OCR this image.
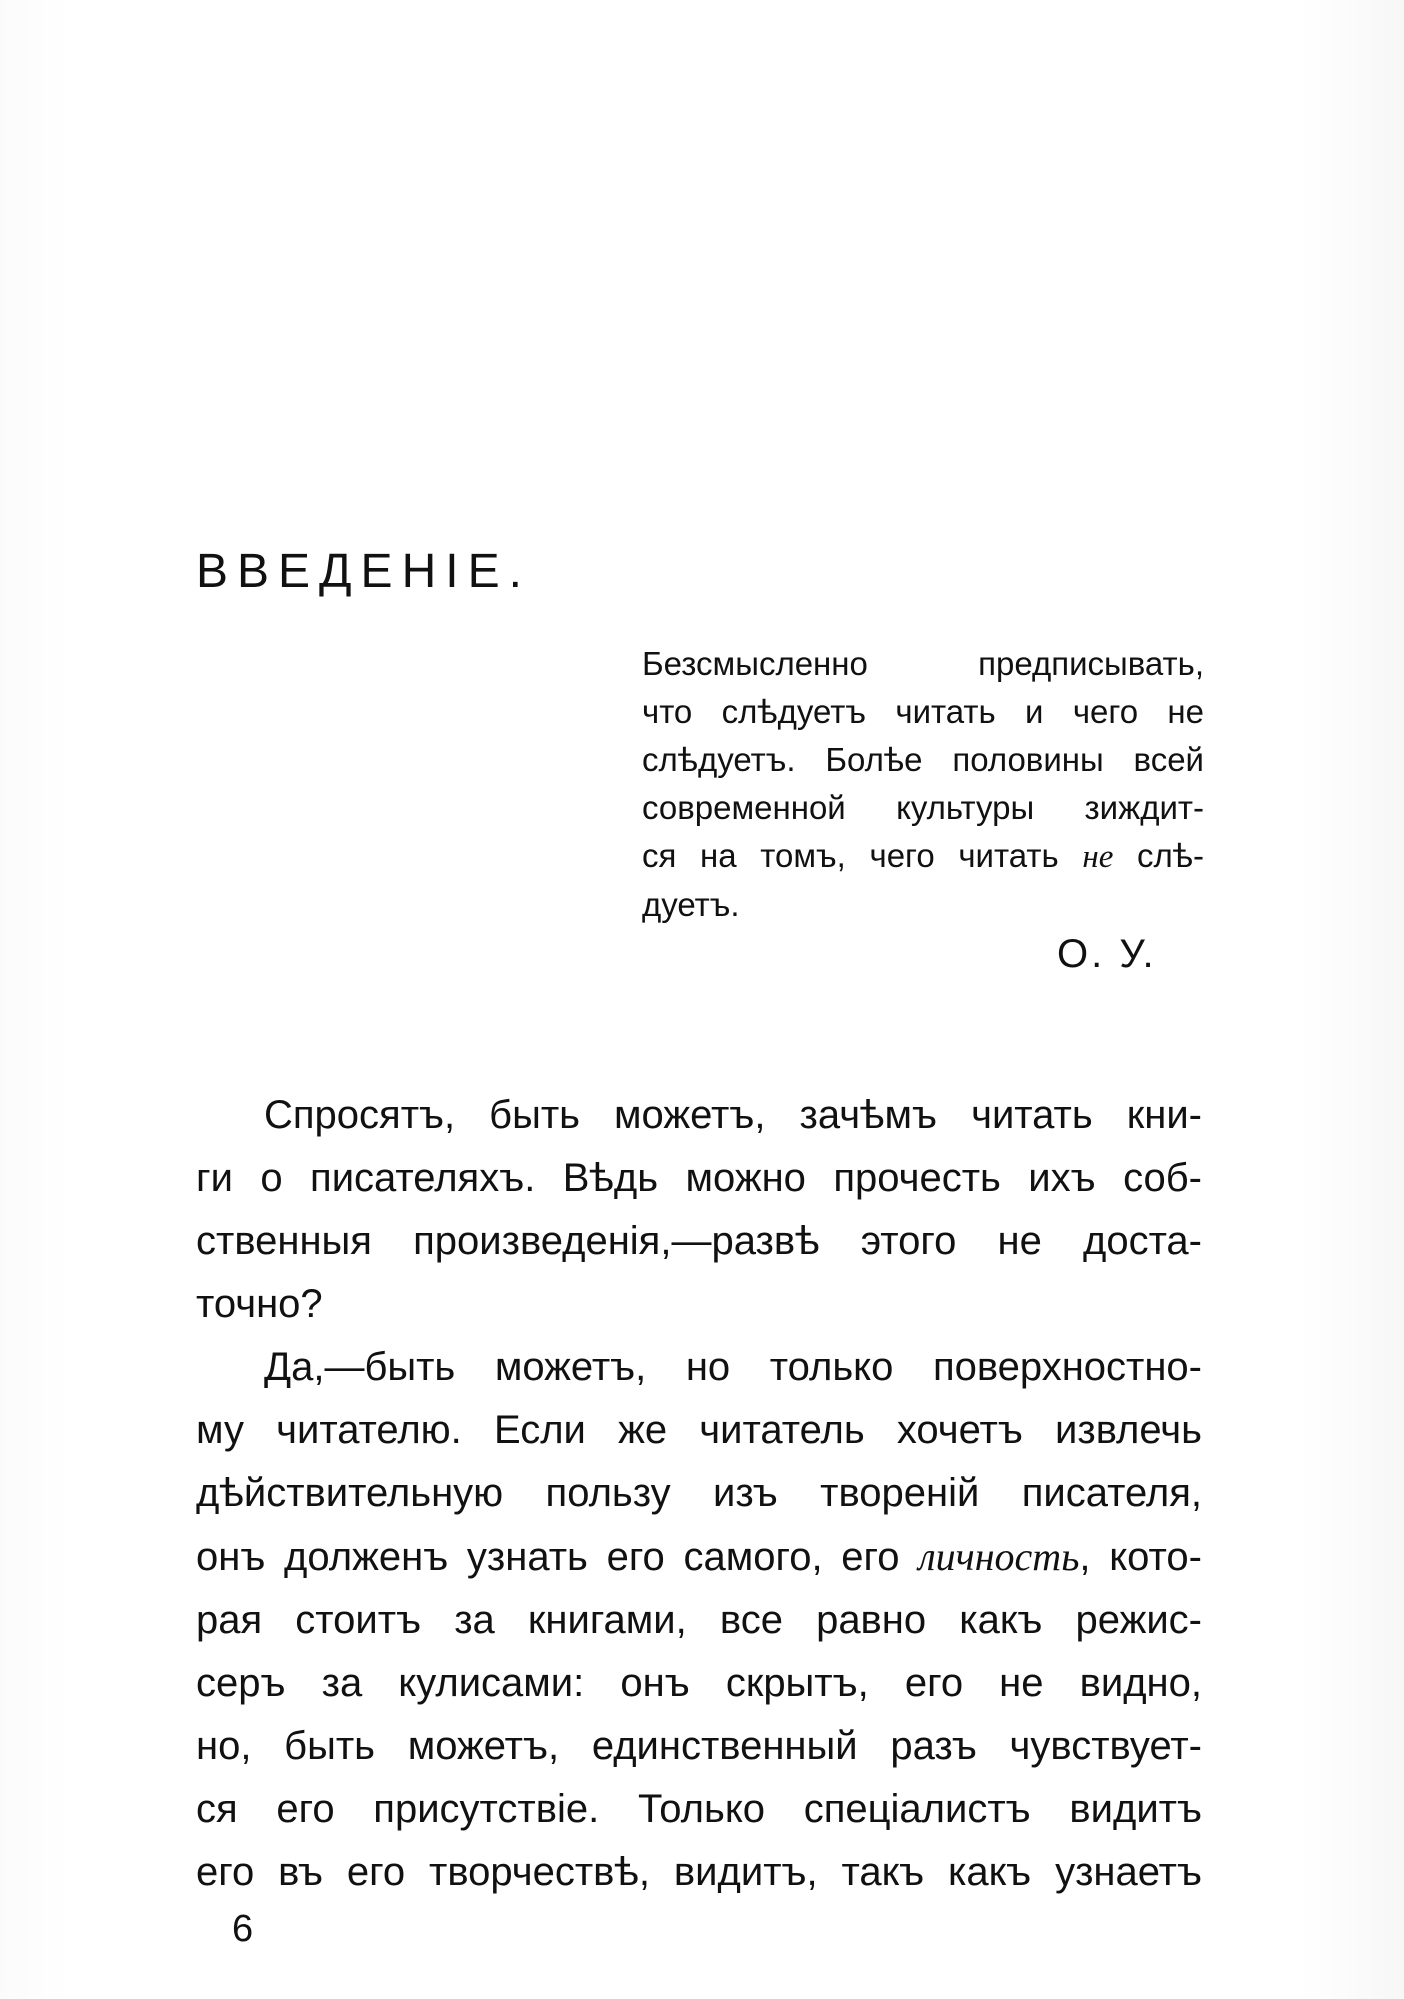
ВВЕДЕНІЕ.
Безсмысленно предписывать,
что слѣдуетъ читать и чего не
слѣдуетъ. Болѣе половины всей
современной культуры зиждит-
ся на томъ, чего читать не слѣ-
дуетъ.
О. У.
Спросятъ, быть можетъ, зачѣмъ читать кни-
ги о писателяхъ. Вѣдь можно прочесть ихъ соб-
ственныя произведенія,—развѣ этого не доста-
точно?
Да,—быть можетъ, но только поверхностно-
му читателю. Если же читатель хочетъ извлечь
дѣйствительную пользу изъ твореній писателя,
онъ долженъ узнать его самого, его личность, кото-
рая стоитъ за книгами, все равно какъ режис-
серъ за кулисами: онъ скрытъ, его не видно,
но, быть можетъ, единственный разъ чувствует-
ся его присутствіе. Только спеціалистъ видитъ
его въ его творчествѣ, видитъ, такъ какъ узнаетъ
6
